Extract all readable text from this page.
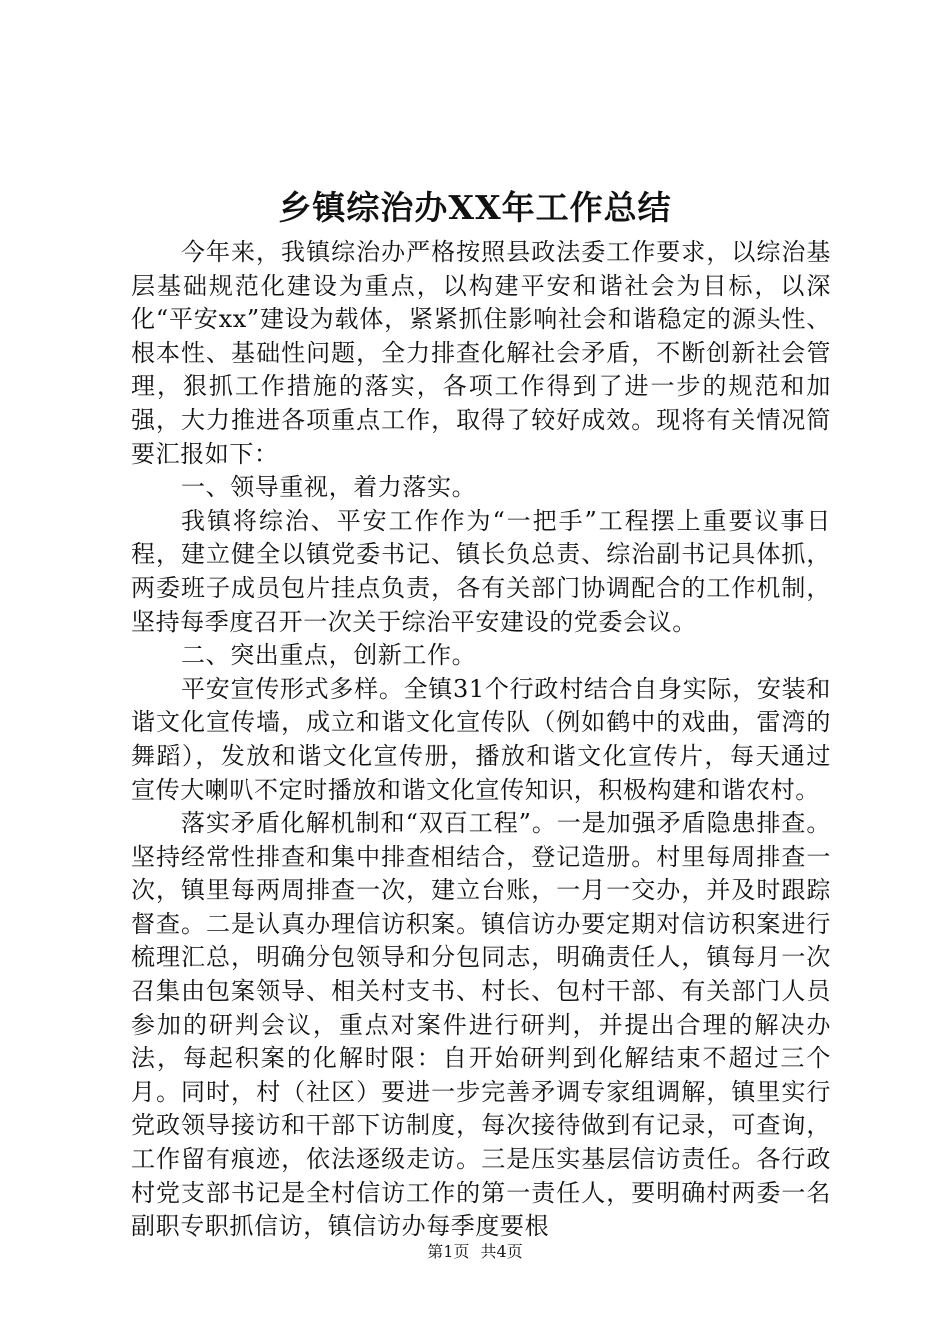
乡镇综治办XX年工作总结

今年来，我镇综治办严格按照县政法委工作要求，以综治基层基础规范化建设为重点，以构建平安和谐社会为目标，以深化“平安xx”建设为载体，紧紧抓住影响社会和谐稳定的源头性、根本性、基础性问题，全力排查化解社会矛盾，不断创新社会管理，狠抓工作措施的落实，各项工作得到了进一步的规范和加强，大力推进各项重点工作，取得了较好成效。现将有关情况简要汇报如下：

一、领导重视，着力落实。

我镇将综治、平安工作作为“一把手”工程摆上重要议事日程，建立健全以镇党委书记、镇长负总责、综治副书记具体抓，两委班子成员包片挂点负责，各有关部门协调配合的工作机制，坚持每季度召开一次关于综治平安建设的党委会议。

二、突出重点，创新工作。

平安宣传形式多样。全镇31个行政村结合自身实际，安装和谐文化宣传墙，成立和谐文化宣传队（例如鹤中的戏曲，雷湾的舞蹈），发放和谐文化宣传册，播放和谐文化宣传片，每天通过宣传大喇叭不定时播放和谐文化宣传知识，积极构建和谐农村。

落实矛盾化解机制和“双百工程”。一是加强矛盾隐患排查。坚持经常性排查和集中排查相结合，登记造册。村里每周排查一次，镇里每两周排查一次，建立台账，一月一交办，并及时跟踪督查。二是认真办理信访积案。镇信访办要定期对信访积案进行梳理汇总，明确分包领导和分包同志，明确责任人，镇每月一次召集由包案领导、相关村支书、村长、包村干部、有关部门人员参加的研判会议，重点对案件进行研判，并提出合理的解决办法，每起积案的化解时限：自开始研判到化解结束不超过三个月。同时，村（社区）要进一步完善矛调专家组调解，镇里实行党政领导接访和干部下访制度，每次接待做到有记录，可查询，工作留有痕迹，依法逐级走访。三是压实基层信访责任。各行政村党支部书记是全村信访工作的第一责任人，要明确村两委一名副职专职抓信访，镇信访办每季度要根

第1页 共4页
